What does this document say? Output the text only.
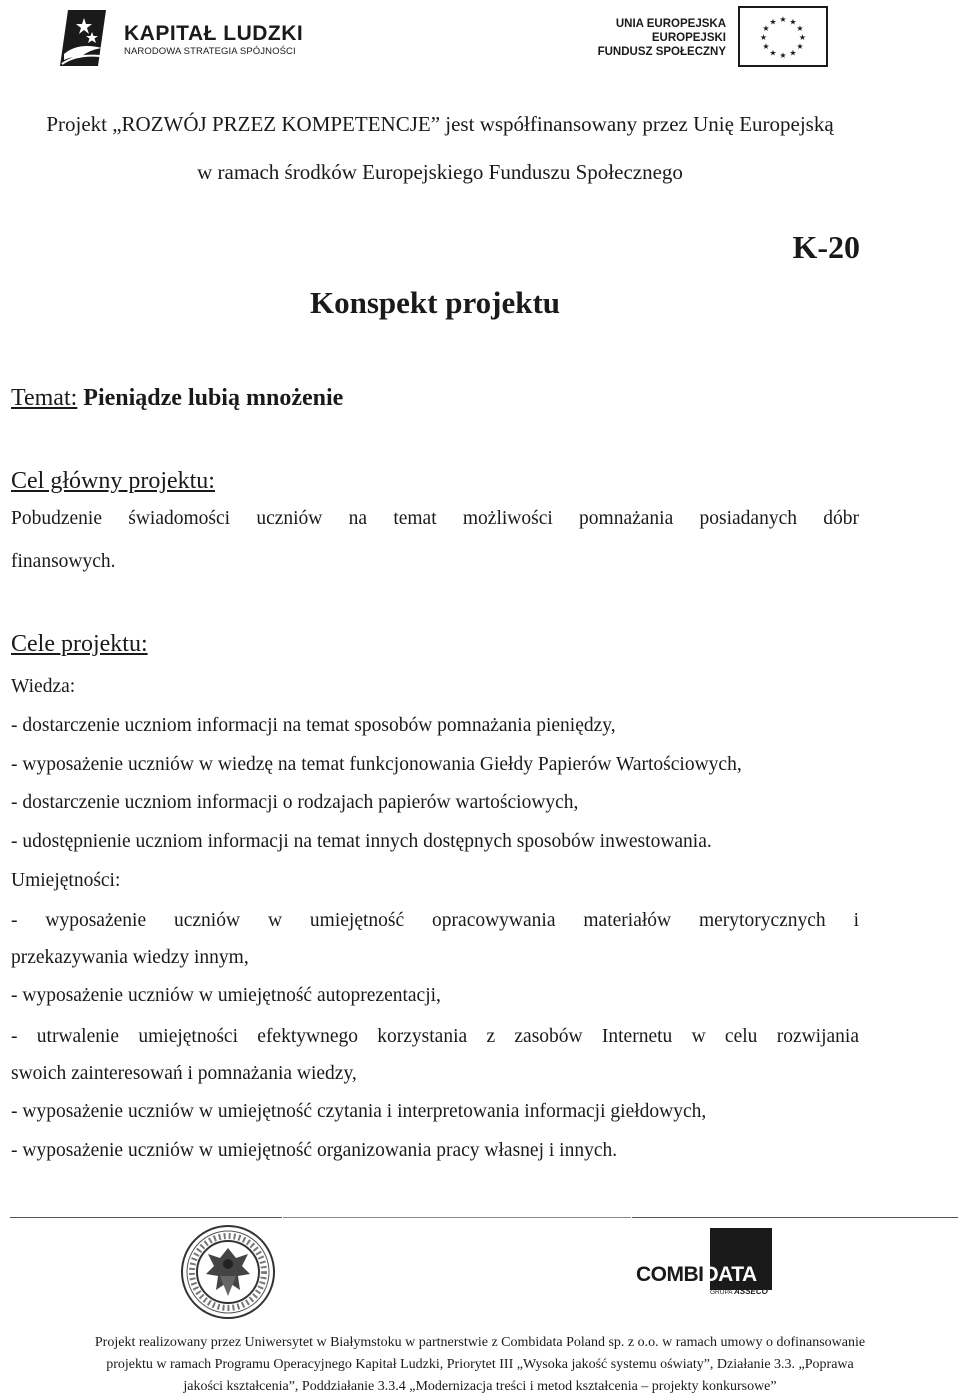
KAPITAŁ LUDZKI
NARODOWA STRATEGIA SPÓJNOŚCI
UNIA EUROPEJSKA
EUROPEJSKI
FUNDUSZ SPOŁECZNY
★ ★
★
★
★
★
★
★
★
★
★
★
Projekt „ROZWÓJ PRZEZ KOMPETENCJE” jest współfinansowany przez Unię Europejską
w ramach środków Europejskiego Funduszu Społecznego
K-20
Konspekt projektu
Temat: Pieniądze lubią mnożenie
Cel główny projektu:
Pobudzenie świadomości uczniów na temat możliwości pomnażania posiadanych dóbr
finansowych.
Cele projektu:
Wiedza:
- dostarczenie uczniom informacji na temat sposobów pomnażania pieniędzy,
- wyposażenie uczniów w wiedzę na temat funkcjonowania Giełdy Papierów Wartościowych,
- dostarczenie uczniom informacji o rodzajach papierów wartościowych,
- udostępnienie uczniom informacji na temat innych dostępnych sposobów inwestowania.
Umiejętności:
- wyposażenie uczniów w umiejętność opracowywania materiałów merytorycznych i
przekazywania wiedzy innym,
- wyposażenie uczniów w umiejętność autoprezentacji,
- utrwalenie umiejętności efektywnego korzystania z zasobów Internetu w celu rozwijania
swoich zainteresowań i pomnażania wiedzy,
- wyposażenie uczniów w umiejętność czytania i interpretowania informacji giełdowych,
- wyposażenie uczniów w umiejętność organizowania pracy własnej i innych.
COMBIDATA
GRUPA ASSECO
Projekt realizowany przez Uniwersytet w Białymstoku w partnerstwie z Combidata Poland sp. z o.o. w ramach umowy o dofinansowanie
projektu w ramach Programu Operacyjnego Kapitał Ludzki, Priorytet III „Wysoka jakość systemu oświaty”, Działanie 3.3. „Poprawa
jakości kształcenia”, Poddziałanie 3.3.4 „Modernizacja treści i metod kształcenia – projekty konkursowe”
